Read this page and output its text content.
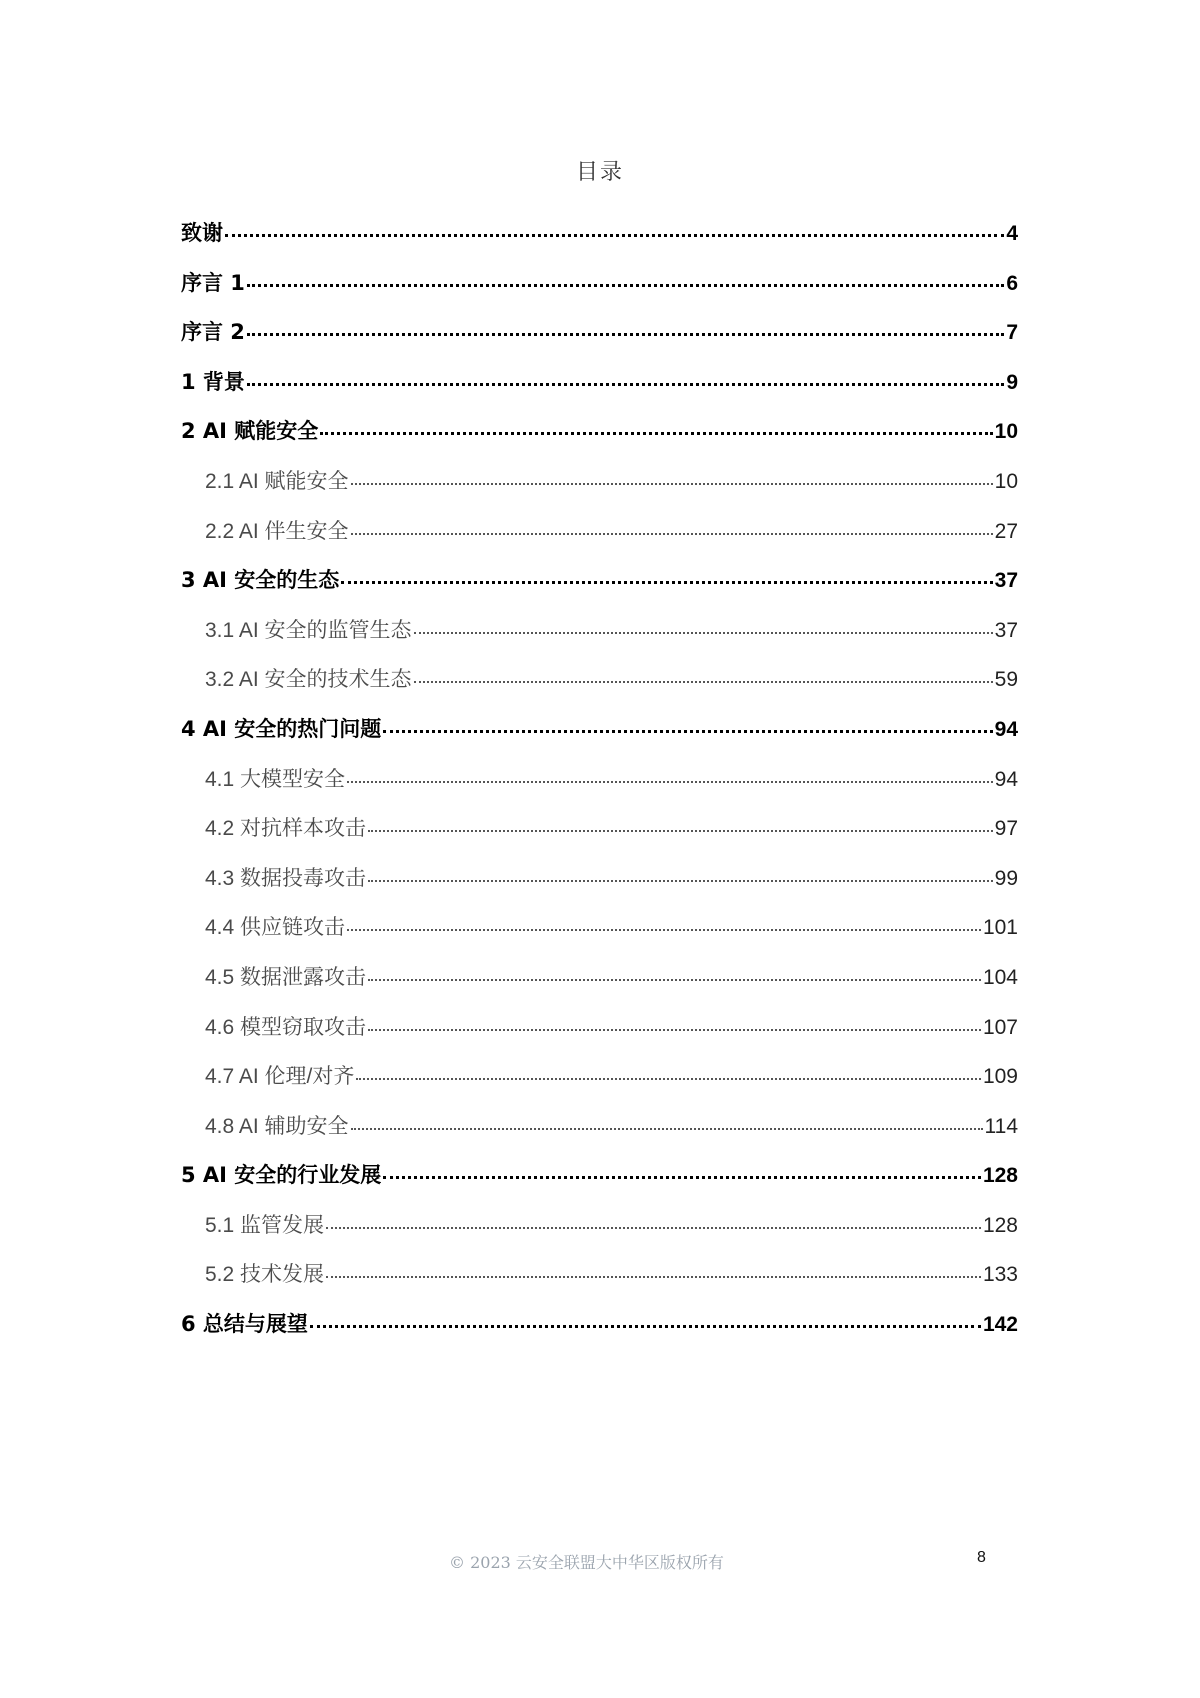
目录
致谢	4
序言 1	6
序言 2	7
1 背景	9
2 AI 赋能安全	10
2.1 AI 赋能安全	10
2.2 AI 伴生安全	27
3 AI 安全的生态	37
3.1 AI 安全的监管生态	37
3.2 AI 安全的技术生态	59
4 AI 安全的热门问题	94
4.1 大模型安全	94
4.2 对抗样本攻击	97
4.3 数据投毒攻击	99
4.4 供应链攻击	101
4.5 数据泄露攻击	104
4.6 模型窃取攻击	107
4.7 AI 伦理/对齐	109
4.8 AI 辅助安全	114
5 AI 安全的行业发展	128
5.1 监管发展	128
5.2 技术发展	133
6 总结与展望	142
© 2023 云安全联盟大中华区版权所有	8
